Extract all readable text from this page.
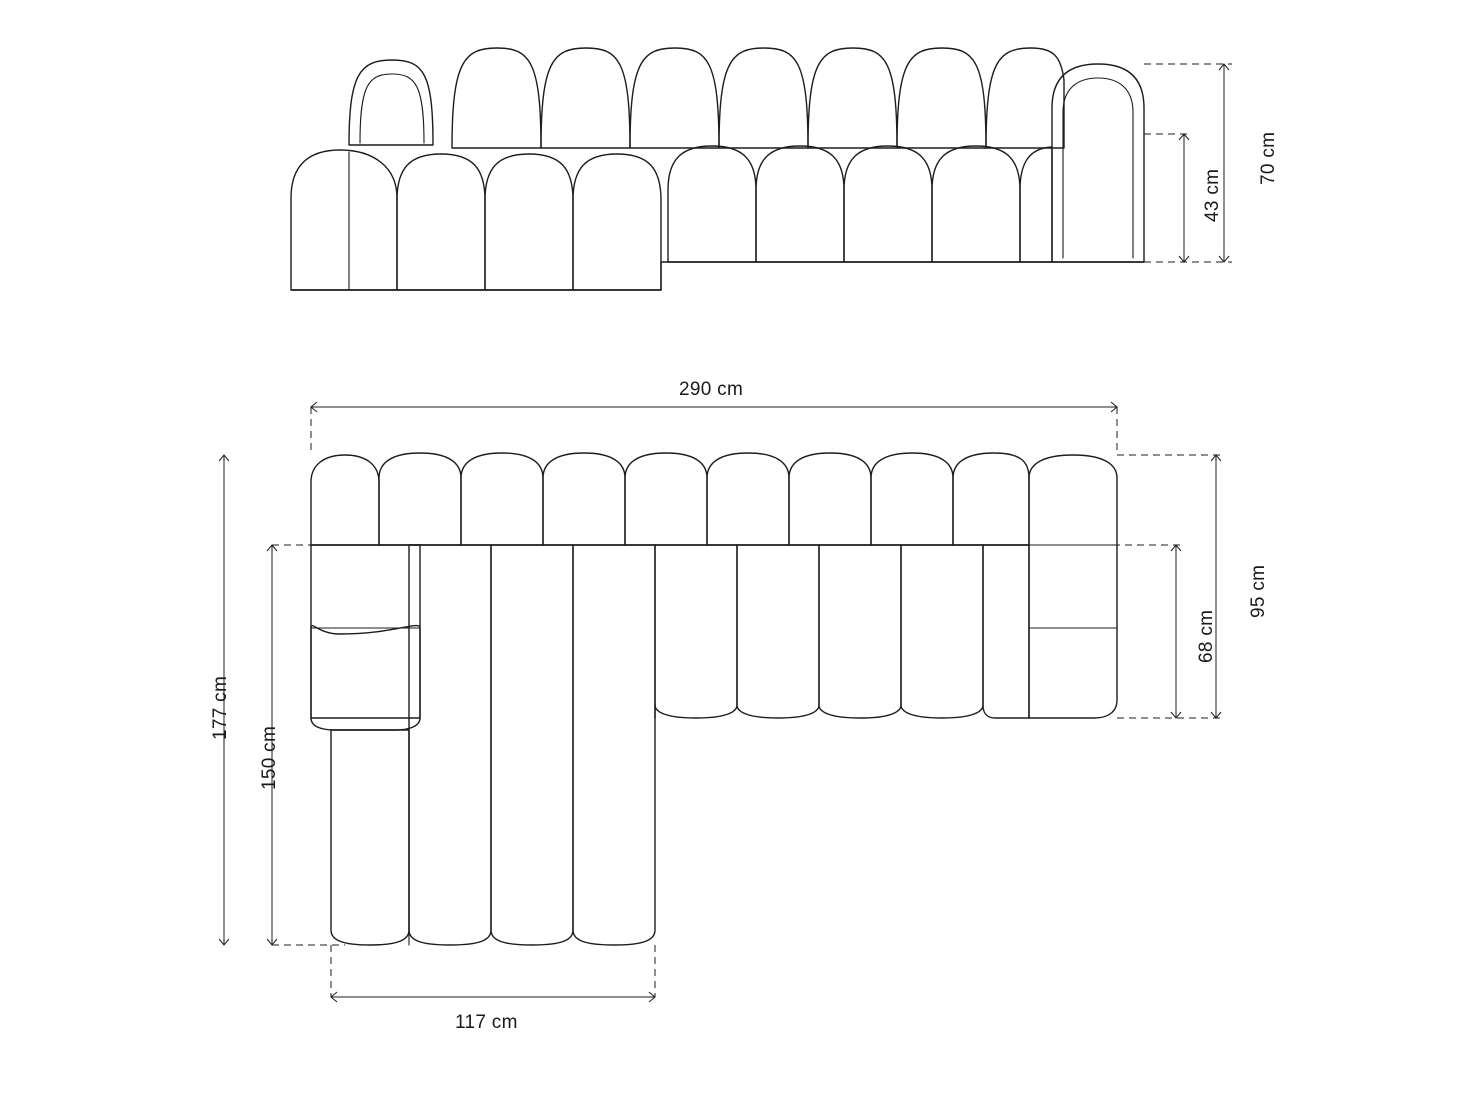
70 cm
43 cm
290 cm
177 cm
150 cm
95 cm
68 cm
117 cm
